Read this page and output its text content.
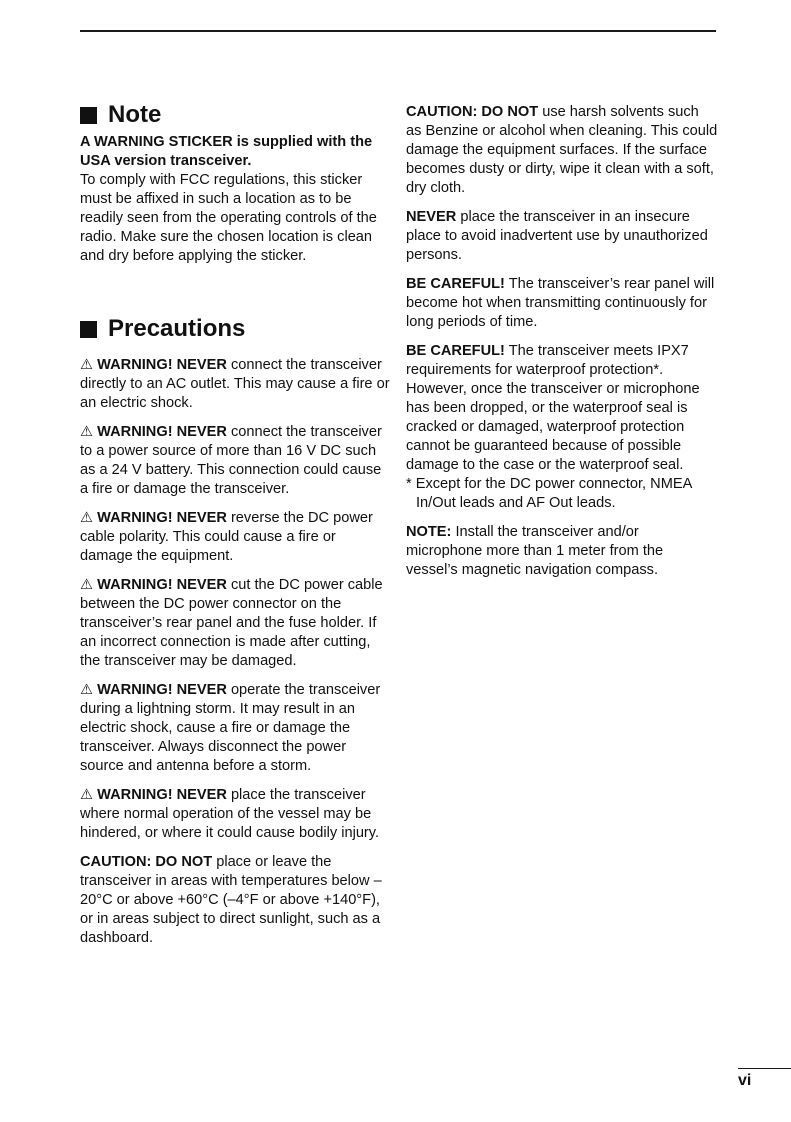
Note

A WARNING STICKER is supplied with the USA version transceiver.

To comply with FCC regulations, this sticker must be affixed in such a location as to be readily seen from the operating controls of the radio. Make sure the chosen location is clean and dry before applying the sticker.

Precautions

⚠ WARNING! NEVER connect the transceiver directly to an AC outlet. This may cause a fire or an electric shock.

⚠ WARNING! NEVER connect the transceiver to a power source of more than 16 V DC such as a 24 V battery. This connection could cause a fire or damage the transceiver.

⚠ WARNING! NEVER reverse the DC power cable polarity. This could cause a fire or damage the equipment.

⚠ WARNING! NEVER cut the DC power cable between the DC power connector on the transceiver’s rear panel and the fuse holder. If an incorrect connection is made after cutting, the transceiver may be damaged.

⚠ WARNING! NEVER operate the transceiver during a lightning storm. It may result in an electric shock, cause a fire or damage the transceiver. Always disconnect the power source and antenna before a storm.

⚠ WARNING! NEVER place the transceiver where normal operation of the vessel may be hindered, or where it could cause bodily injury.

CAUTION: DO NOT place or leave the transceiver in areas with temperatures below –20°C or above +60°C (–4°F or above +140°F), or in areas subject to direct sunlight, such as a dashboard.

CAUTION: DO NOT use harsh solvents such as Benzine or alcohol when cleaning. This could damage the equipment surfaces. If the surface becomes dusty or dirty, wipe it clean with a soft, dry cloth.

NEVER place the transceiver in an insecure place to avoid inadvertent use by unauthorized persons.

BE CAREFUL! The transceiver’s rear panel will become hot when transmitting continuously for long periods of time.

BE CAREFUL! The transceiver meets IPX7 requirements for waterproof protection*. However, once the transceiver or microphone has been dropped, or the waterproof seal is cracked or damaged, waterproof protection cannot be guaranteed because of possible damage to the case or the waterproof seal.

* Except for the DC power connector, NMEA In/Out leads and AF Out leads.

NOTE: Install the transceiver and/or microphone more than 1 meter from the vessel’s magnetic navigation compass.

vi
